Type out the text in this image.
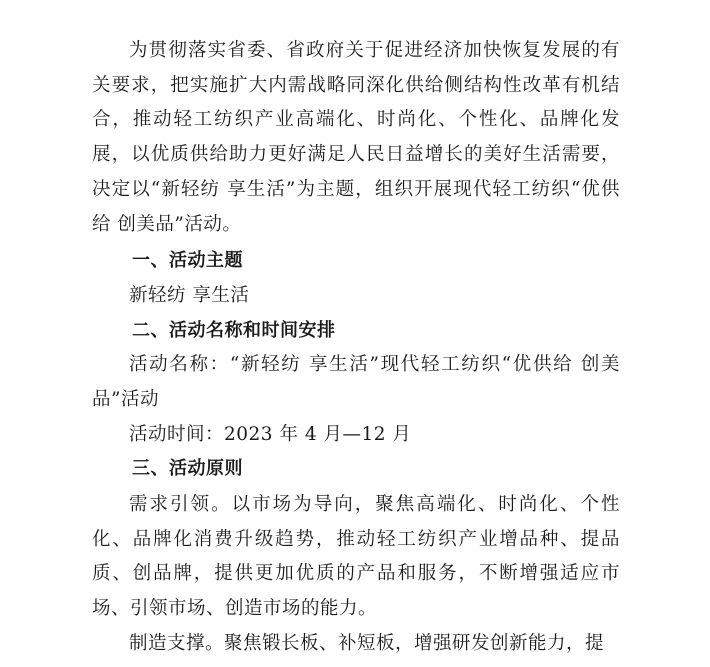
为贯彻落实省委、省政府关于促进经济加快恢复发展的有关要求，把实施扩大内需战略同深化供给侧结构性改革有机结合，推动轻工纺织产业高端化、时尚化、个性化、品牌化发展，以优质供给助力更好满足人民日益增长的美好生活需要，决定以“新轻纺 享生活”为主题，组织开展现代轻工纺织“优供给 创美品”活动。

一、活动主题

新轻纺 享生活

二、活动名称和时间安排

活动名称：“新轻纺 享生活”现代轻工纺织“优供给 创美品”活动

活动时间：2023 年 4 月—12 月

三、活动原则

需求引领。以市场为导向，聚焦高端化、时尚化、个性化、品牌化消费升级趋势，推动轻工纺织产业增品种、提品质、创品牌，提供更加优质的产品和服务，不断增强适应市场、引领市场、创造市场的能力。

制造支撑。聚焦锻长板、补短板，增强研发创新能力，提
